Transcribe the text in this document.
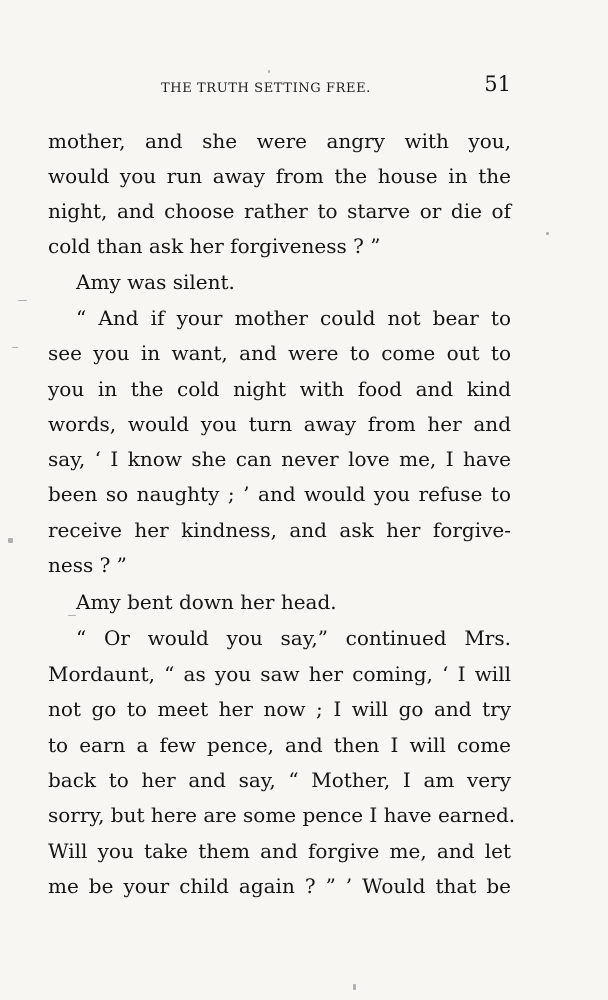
THE TRUTH SETTING FREE.	51
mother, and she were angry with you,
would you run away from the house in the
night, and choose rather to starve or die of
cold than ask her forgiveness ? ”
Amy was silent.
“ And if your mother could not bear to
see you in want, and were to come out to
you in the cold night with food and kind
words, would you turn away from her and
say, ‘ I know she can never love me, I have
been so naughty ; ’ and would you refuse to
receive her kindness, and ask her forgive-
ness ? ”
Amy bent down her head.
“ Or would you say,” continued Mrs.
Mordaunt, “ as you saw her coming, ‘ I will
not go to meet her now ; I will go and try
to earn a few pence, and then I will come
back to her and say, “ Mother, I am very
sorry, but here are some pence I have earned.
Will you take them and forgive me, and let
me be your child again ? ” ’ Would that be
